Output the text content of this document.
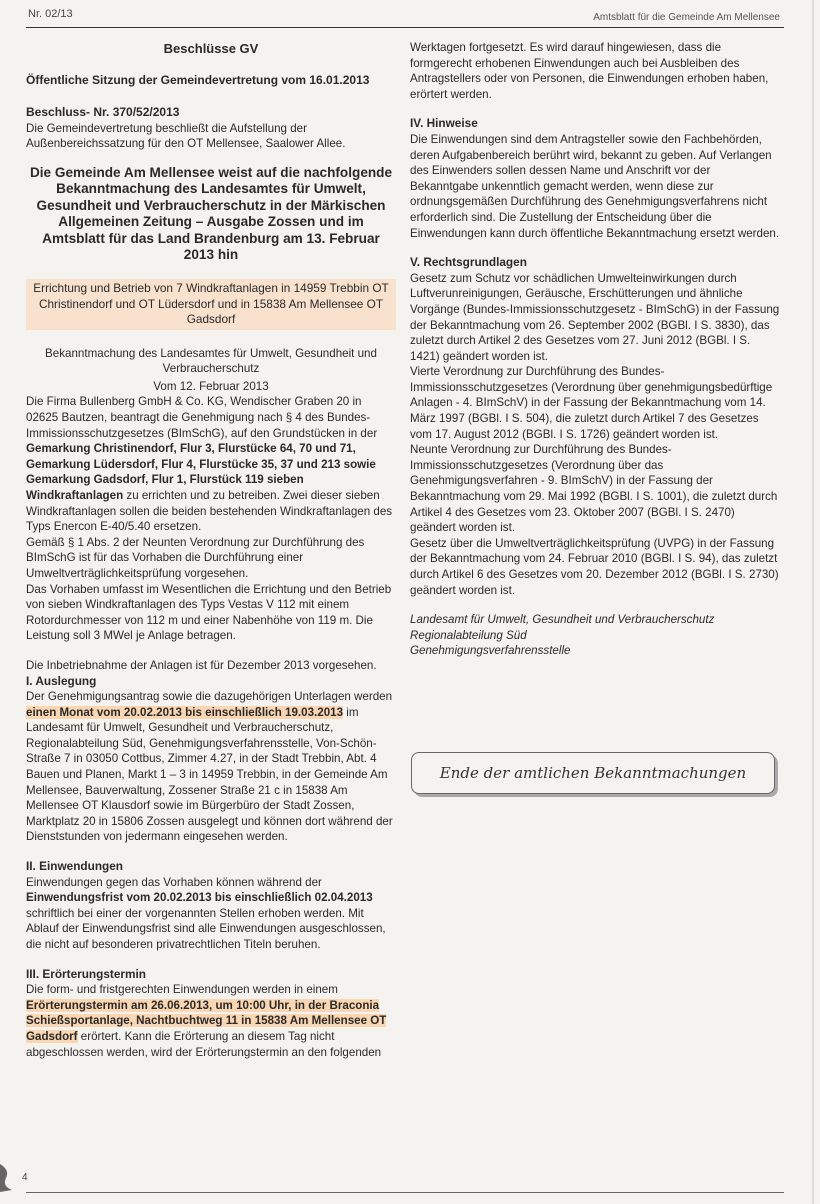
Nr. 02/13	Amtsblatt für die Gemeinde Am Mellensee
Beschlüsse GV
Öffentliche Sitzung der Gemeindevertretung vom 16.01.2013
Beschluss- Nr. 370/52/2013

Die Gemeindevertretung beschließt die Aufstellung der Außenbereichssatzung für den OT Mellensee, Saalower Allee.

Die Gemeinde Am Mellensee weist auf die nachfolgende Bekanntmachung des Landesamtes für Umwelt, Gesundheit und Verbraucherschutz in der Märkischen Allgemeinen Zeitung – Ausgabe Zossen und im Amtsblatt für das Land Brandenburg am 13. Februar 2013 hin
Errichtung und Betrieb von 7 Windkraftanlagen in 14959 Trebbin OT Christinendorf und OT Lüdersdorf und in 15838 Am Mellensee OT Gadsdorf

Bekanntmachung des Landesamtes für Umwelt, Gesundheit und Verbraucherschutz

Vom 12. Februar 2013

Die Firma Bullenberg GmbH & Co. KG, Wendischer Graben 20 in 02625 Bautzen, beantragt die Genehmigung nach § 4 des Bundes-Immissionsschutzgesetzes (BImSchG), auf den Grundstücken in der Gemarkung Christinendorf, Flur 3, Flurstücke 64, 70 und 71, Gemarkung Lüdersdorf, Flur 4, Flurstücke 35, 37 und 213 sowie Gemarkung Gadsdorf, Flur 1, Flurstück 119 sieben Windkraftanlagen zu errichten und zu betreiben. Zwei dieser sieben Windkraftanlagen sollen die beiden bestehenden Windkraftanlagen des Typs Enercon E-40/5.40 ersetzen.

Gemäß § 1 Abs. 2 der Neunten Verordnung zur Durchführung des BImSchG ist für das Vorhaben die Durchführung einer Umweltverträglichkeitsprüfung vorgesehen.

Das Vorhaben umfasst im Wesentlichen die Errichtung und den Betrieb von sieben Windkraftanlagen des Typs Vestas V 112 mit einem Rotordurchmesser von 112 m und einer Nabenhöhe von 119 m. Die Leistung soll 3 MWel je Anlage betragen.

Die Inbetriebnahme der Anlagen ist für Dezember 2013 vorgesehen.

I. Auslegung

Der Genehmigungsantrag sowie die dazugehörigen Unterlagen werden einen Monat vom 20.02.2013 bis einschließlich 19.03.2013 im Landesamt für Umwelt, Gesundheit und Verbraucherschutz, Regionalabteilung Süd, Genehmigungsverfahrensstelle, Von-Schön-Straße 7 in 03050 Cottbus, Zimmer 4.27, in der Stadt Trebbin, Abt. 4 Bauen und Planen, Markt 1 – 3 in 14959 Trebbin, in der Gemeinde Am Mellensee, Bauverwaltung, Zossener Straße 21 c in 15838 Am Mellensee OT Klausdorf sowie im Bürgerbüro der Stadt Zossen, Marktplatz 20 in 15806 Zossen ausgelegt und können dort während der Dienststunden von jedermann eingesehen werden.

II. Einwendungen

Einwendungen gegen das Vorhaben können während der Einwendungsfrist vom 20.02.2013 bis einschließlich 02.04.2013 schriftlich bei einer der vorgenannten Stellen erhoben werden. Mit Ablauf der Einwendungsfrist sind alle Einwendungen ausgeschlossen, die nicht auf besonderen privatrechtlichen Titeln beruhen.

III. Erörterungstermin

Die form- und fristgerechten Einwendungen werden in einem Erörterungstermin am 26.06.2013, um 10:00 Uhr, in der Braconia Schießsportanlage, Nachtbuchtweg 11 in 15838 Am Mellensee OT Gadsdorf erörtert. Kann die Erörterung an diesem Tag nicht abgeschlossen werden, wird der Erörterungstermin an den folgenden

Werktagen fortgesetzt. Es wird darauf hingewiesen, dass die formgerecht erhobenen Einwendungen auch bei Ausbleiben des Antragstellers oder von Personen, die Einwendungen erhoben haben, erörtert werden.

IV. Hinweise

Die Einwendungen sind dem Antragsteller sowie den Fachbehörden, deren Aufgabenbereich berührt wird, bekannt zu geben. Auf Verlangen des Einwenders sollen dessen Name und Anschrift vor der Bekanntgabe unkenntlich gemacht werden, wenn diese zur ordnungsgemäßen Durchführung des Genehmigungsverfahrens nicht erforderlich sind. Die Zustellung der Entscheidung über die Einwendungen kann durch öffentliche Bekanntmachung ersetzt werden.

V. Rechtsgrundlagen

Gesetz zum Schutz vor schädlichen Umwelteinwirkungen durch Luftverunreinigungen, Geräusche, Erschütterungen und ähnliche Vorgänge (Bundes-Immissionsschutzgesetz - BImSchG) in der Fassung der Bekanntmachung vom 26. September 2002 (BGBl. I S. 3830), das zuletzt durch Artikel 2 des Gesetzes vom 27. Juni 2012 (BGBl. I S. 1421) geändert worden ist.

Vierte Verordnung zur Durchführung des Bundes-Immissionsschutzgesetzes (Verordnung über genehmigungsbedürftige Anlagen - 4. BImSchV) in der Fassung der Bekanntmachung vom 14. März 1997 (BGBl. I S. 504), die zuletzt durch Artikel 7 des Gesetzes vom 17. August 2012 (BGBl. I S. 1726) geändert worden ist.

Neunte Verordnung zur Durchführung des Bundes-Immissionsschutzgesetzes (Verordnung über das Genehmigungsverfahren - 9. BImSchV) in der Fassung der Bekanntmachung vom 29. Mai 1992 (BGBl. I S. 1001), die zuletzt durch Artikel 4 des Gesetzes vom 23. Oktober 2007 (BGBl. I S. 2470) geändert worden ist.

Gesetz über die Umweltverträglichkeitsprüfung (UVPG) in der Fassung der Bekanntmachung vom 24. Februar 2010 (BGBl. I S. 94), das zuletzt durch Artikel 6 des Gesetzes vom 20. Dezember 2012 (BGBl. I S. 2730) geändert worden ist.

Landesamt für Umwelt, Gesundheit und Verbraucherschutz
Regionalabteilung Süd
Genehmigungsverfahrensstelle
Ende der amtlichen Bekanntmachungen
4
